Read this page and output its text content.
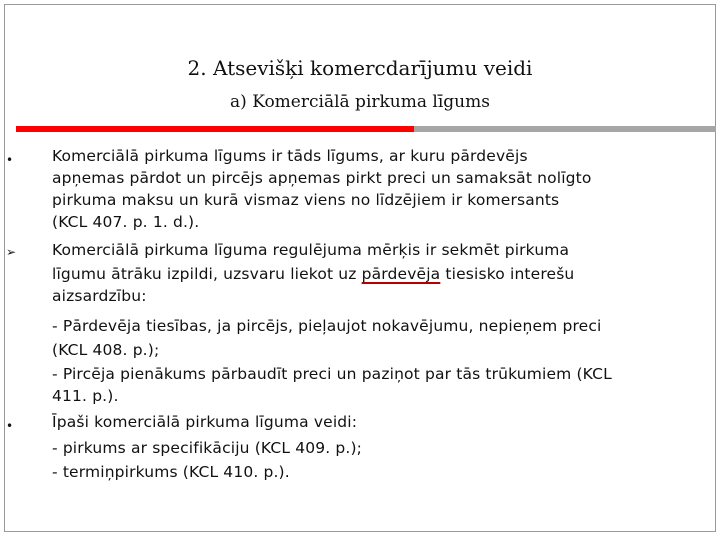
2. Atsevišķi komercdarījumu veidi
a) Komerciālā pirkuma līgums
•	Komerciālā pirkuma līgums ir tāds līgums, ar kuru pārdevējs
apņemas pārdot un pircējs apņemas pirkt preci un samaksāt nolīgto
pirkuma maksu un kurā vismaz viens no līdzējiem ir komersants
(KCL 407. p. 1. d.).
➢ Komerciālā pirkuma līguma regulējuma mērķis ir sekmēt pirkuma
līgumu ātrāku izpildi, uzsvaru liekot uz pārdevēja tiesisko interešu
aizsardzību:
- Pārdevēja tiesības, ja pircējs, pieļaujot nokavējumu, nepieņem preci
(KCL 408. p.);
- Pircēja pienākums pārbaudīt preci un paziņot par tās trūkumiem (KCL
411. p.).
•	Īpaši komerciālā pirkuma līguma veidi:
- pirkums ar specifikāciju (KCL 409. p.);
- termiņpirkums (KCL 410. p.).
